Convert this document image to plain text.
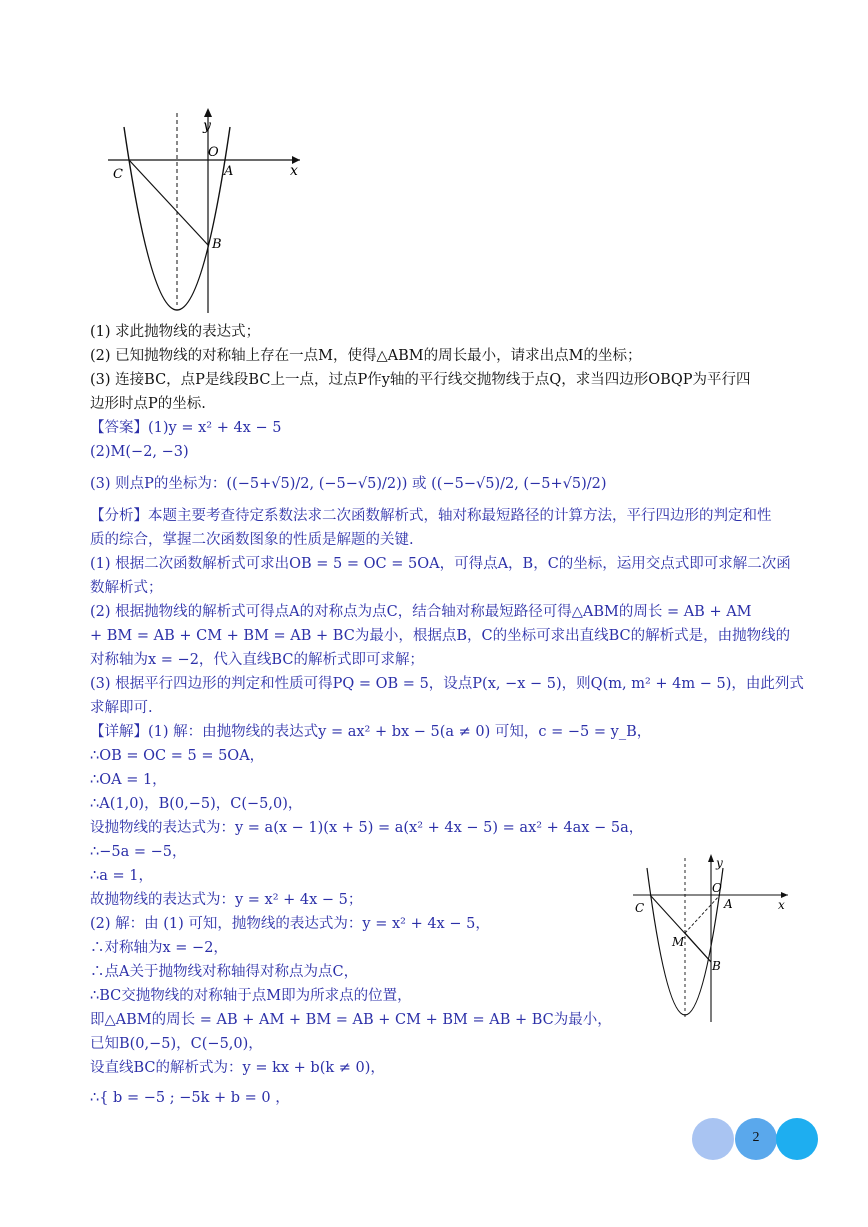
y
x
O
A
B
C
y
x
O
A
B
C
M
(1) 求此抛物线的表达式；
(2) 已知抛物线的对称轴上存在一点M，使得△ABM的周长最小，请求出点M的坐标；
(3) 连接BC，点P是线段BC上一点，过点P作y轴的平行线交抛物线于点Q，求当四边形OBQP为平行四
边形时点P的坐标.
【答案】(1)y = x² + 4x − 5
(2)M(−2, −3)
(3) 则点P的坐标为：((−5+√5)/2, (−5−√5)/2)) 或 ((−5−√5)/2, (−5+√5)/2)
【分析】本题主要考查待定系数法求二次函数解析式，轴对称最短路径的计算方法，平行四边形的判定和性
质的综合，掌握二次函数图象的性质是解题的关键.
(1) 根据二次函数解析式可求出OB = 5 = OC = 5OA，可得点A，B，C的坐标，运用交点式即可求解二次函
数解析式；
(2) 根据抛物线的解析式可得点A的对称点为点C，结合轴对称最短路径可得△ABM的周长 = AB + AM
+ BM = AB + CM + BM = AB + BC为最小，根据点B，C的坐标可求出直线BC的解析式是，由抛物线的
对称轴为x = −2，代入直线BC的解析式即可求解；
(3) 根据平行四边形的判定和性质可得PQ = OB = 5，设点P(x, −x − 5)，则Q(m, m² + 4m − 5)，由此列式
求解即可.
【详解】(1) 解：由抛物线的表达式y = ax² + bx − 5(a ≠ 0) 可知，c = −5 = y_B，
∴OB = OC = 5 = 5OA，
∴OA = 1，
∴A(1,0)，B(0,−5)，C(−5,0)，
设抛物线的表达式为：y = a(x − 1)(x + 5) = a(x² + 4x − 5) = ax² + 4ax − 5a，
∴−5a = −5，
∴a = 1，
故抛物线的表达式为：y = x² + 4x − 5；
(2) 解：由 (1) 可知，抛物线的表达式为：y = x² + 4x − 5，
∴对称轴为x = −2，
∴点A关于抛物线对称轴得对称点为点C，
∴BC交抛物线的对称轴于点M即为所求点的位置，
即△ABM的周长 = AB + AM + BM = AB + CM + BM = AB + BC为最小，
已知B(0,−5)，C(−5,0)，
设直线BC的解析式为：y = kx + b(k ≠ 0)，
∴{ b = −5 ; −5k + b = 0 ，
2
